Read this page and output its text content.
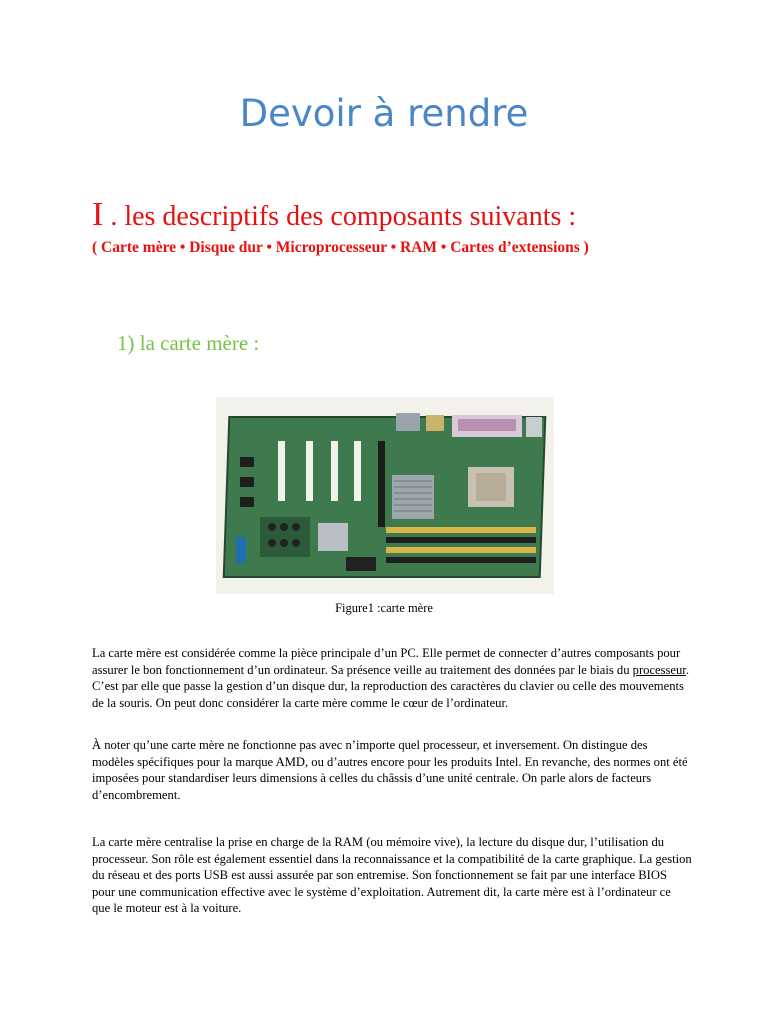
Devoir à rendre
I . les descriptifs des composants suivants :
( Carte mère • Disque dur • Microprocesseur • RAM • Cartes d’extensions )
1) la carte mère :
Figure1 :carte mère
La carte mère est considérée comme la pièce principale d’un PC. Elle permet de connecter d’autres composants pour assurer le bon fonctionnement d’un ordinateur. Sa présence veille au traitement des données par le biais du processeur. C’est par elle que passe la gestion d’un disque dur, la reproduction des caractères du clavier ou celle des mouvements de la souris. On peut donc considérer la carte mère comme le cœur de l’ordinateur.
À noter qu’une carte mère ne fonctionne pas avec n’importe quel processeur, et inversement. On distingue des modèles spécifiques pour la marque AMD, ou d’autres encore pour les produits Intel. En revanche, des normes ont été imposées pour standardiser leurs dimensions à celles du châssis d’une unité centrale. On parle alors de facteurs d’encombrement.
La carte mère centralise la prise en charge de la RAM (ou mémoire vive), la lecture du disque dur, l’utilisation du processeur. Son rôle est également essentiel dans la reconnaissance et la compatibilité de la carte graphique. La gestion du réseau et des ports USB est aussi assurée par son entremise. Son fonctionnement se fait par une interface BIOS pour une communication effective avec le système d’exploitation. Autrement dit, la carte mère est à l’ordinateur ce que le moteur est à la voiture.
